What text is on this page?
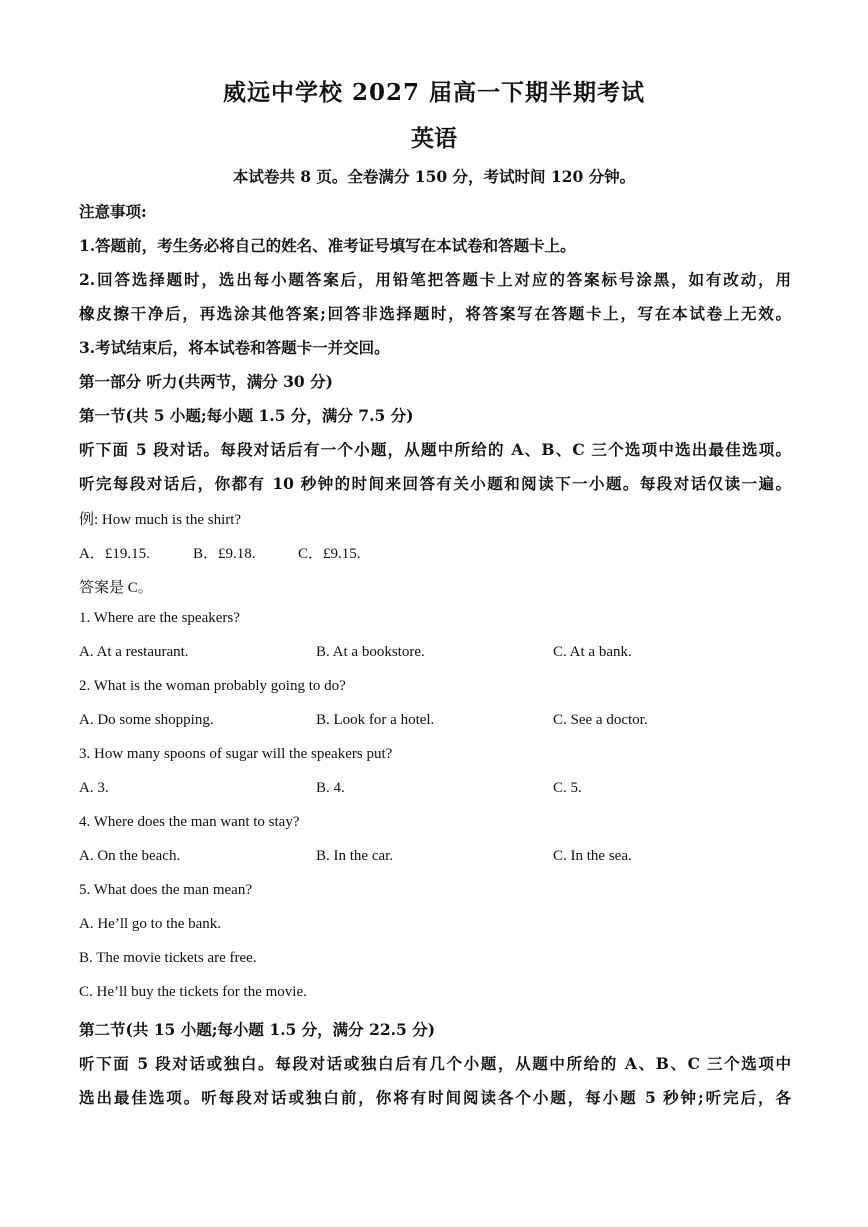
威远中学校 2027 届高一下期半期考试
英语
本试卷共 8 页。全卷满分 150 分，考试时间 120 分钟。
注意事项:
1.答题前，考生务必将自己的姓名、准考证号填写在本试卷和答题卡上。
2.回答选择题时，选出每小题答案后，用铅笔把答题卡上对应的答案标号涂黑，如有改动，用
橡皮擦干净后，再选涂其他答案;回答非选择题时，将答案写在答题卡上，写在本试卷上无效。
3.考试结束后，将本试卷和答题卡一并交回。
第一部分 听力(共两节，满分 30 分)
第一节(共 5 小题;每小题 1.5 分，满分 7.5 分)
听下面 5 段对话。每段对话后有一个小题，从题中所给的 A、B、C 三个选项中选出最佳选项。
听完每段对话后，你都有 10 秒钟的时间来回答有关小题和阅读下一小题。每段对话仅读一遍。
例: How much is the shirt?
A．£19.15.	B．£9.18.	C．£9.15.
答案是 C。
1. Where are the speakers?
A. At a restaurant.	B. At a bookstore.	C. At a bank.
2. What is the woman probably going to do?
A. Do some shopping.	B. Look for a hotel.	C. See a doctor.
3. How many spoons of sugar will the speakers put?
A. 3.	B. 4.	C. 5.
4. Where does the man want to stay?
A. On the beach.	B. In the car.	C. In the sea.
5. What does the man mean?
A. He’ll go to the bank.
B. The movie tickets are free.
C. He’ll buy the tickets for the movie.
第二节(共 15 小题;每小题 1.5 分，满分 22.5 分)
听下面 5 段对话或独白。每段对话或独白后有几个小题，从题中所给的 A、B、C 三个选项中
选出最佳选项。听每段对话或独白前，你将有时间阅读各个小题，每小题 5 秒钟;听完后，各
